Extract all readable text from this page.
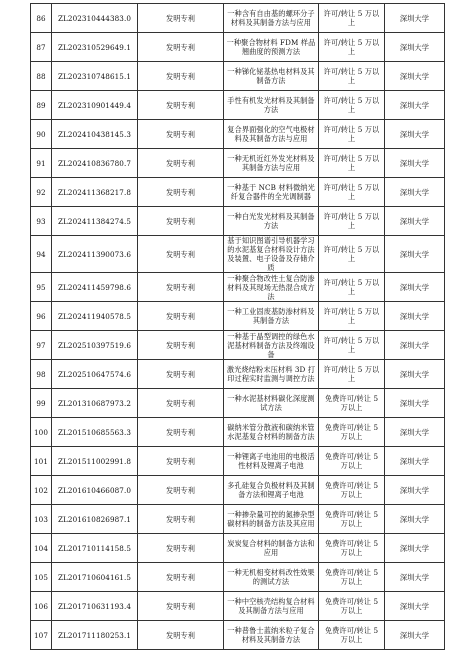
86	ZL202310444383.0	发明专利	一种含有自由基的螺环分子材料及其制备方法与应用	许可/转让 5 万以上	深圳大学
87	ZL202310529649.1	发明专利	一种聚合物材料 FDM 样品翘曲度的预测方法	许可/转让 5 万以上	深圳大学
88	ZL202310748615.1	发明专利	一种锑化铋基热电材料及其制备方法	许可/转让 5 万以上	深圳大学
89	ZL202310901449.4	发明专利	手性有机发光材料及其制备方法	许可/转让 5 万以上	深圳大学
90	ZL202410438145.3	发明专利	复合界面强化的空气电极材料及其制备方法与应用	许可/转让 5 万以上	深圳大学
91	ZL202410836780.7	发明专利	一种无机近红外发光材料及其制备方法与应用	许可/转让 5 万以上	深圳大学
92	ZL202411368217.8	发明专利	一种基于 NCB 材料微纳光纤复合器件的全光调制器	许可/转让 5 万以上	深圳大学
93	ZL202411384274.5	发明专利	一种白光发光材料及其制备方法	许可/转让 5 万以上	深圳大学
94	ZL202411390073.6	发明专利	基于知识图谱引导机器学习的水泥基复合材料设计方法及装置、电子设备及存储介质	许可/转让 5 万以上	深圳大学
95	ZL202411459798.6	发明专利	一种聚合物改性土复合防渗材料及其现场无热混合成方法	许可/转让 5 万以上	深圳大学
96	ZL202411940578.5	发明专利	一种工业固废基防渗材料及其制备方法	许可/转让 5 万以上	深圳大学
97	ZL202510397519.6	发明专利	一种基于晶型调控的绿色水泥基材料制备方法及终端设备	许可/转让 5 万以上	深圳大学
98	ZL202510647574.6	发明专利	激光烧结粉末压材料 3D 打印过程实时监测与调控方法	许可/转让 5 万以上	深圳大学
99	ZL201310687973.2	发明专利	一种水泥基材料碳化深度测试方法	免费许可/转让 5 万以上	深圳大学
100	ZL201510685563.3	发明专利	碳纳米管分散液和碳纳米管水泥基复合材料的制备方法	免费许可/转让 5 万以上	深圳大学
101	ZL201511002991.8	发明专利	一种锂离子电池用的电极活性材料及锂离子电池	免费许可/转让 5 万以上	深圳大学
102	ZL201610466087.0	发明专利	多孔硅复合负极材料及其制备方法和锂离子电池	免费许可/转让 5 万以上	深圳大学
103	ZL201610826987.1	发明专利	一种掺杂量可控的氮掺杂型碳材料的制备方法及其应用	免费许可/转让 5 万以上	深圳大学
104	ZL201710114158.5	发明专利	炭炭复合材料的制备方法和应用	免费许可/转让 5 万以上	深圳大学
105	ZL201710604161.5	发明专利	一种无机相变材料改性效果的测试方法	免费许可/转让 5 万以上	深圳大学
106	ZL201710631193.4	发明专利	一种中空核壳结构复合材料及其制备方法与应用	免费许可/转让 5 万以上	深圳大学
107	ZL201711180253.1	发明专利	一种普鲁士蓝纳米粒子复合材料及其制备方法	免费许可/转让 5 万以上	深圳大学
